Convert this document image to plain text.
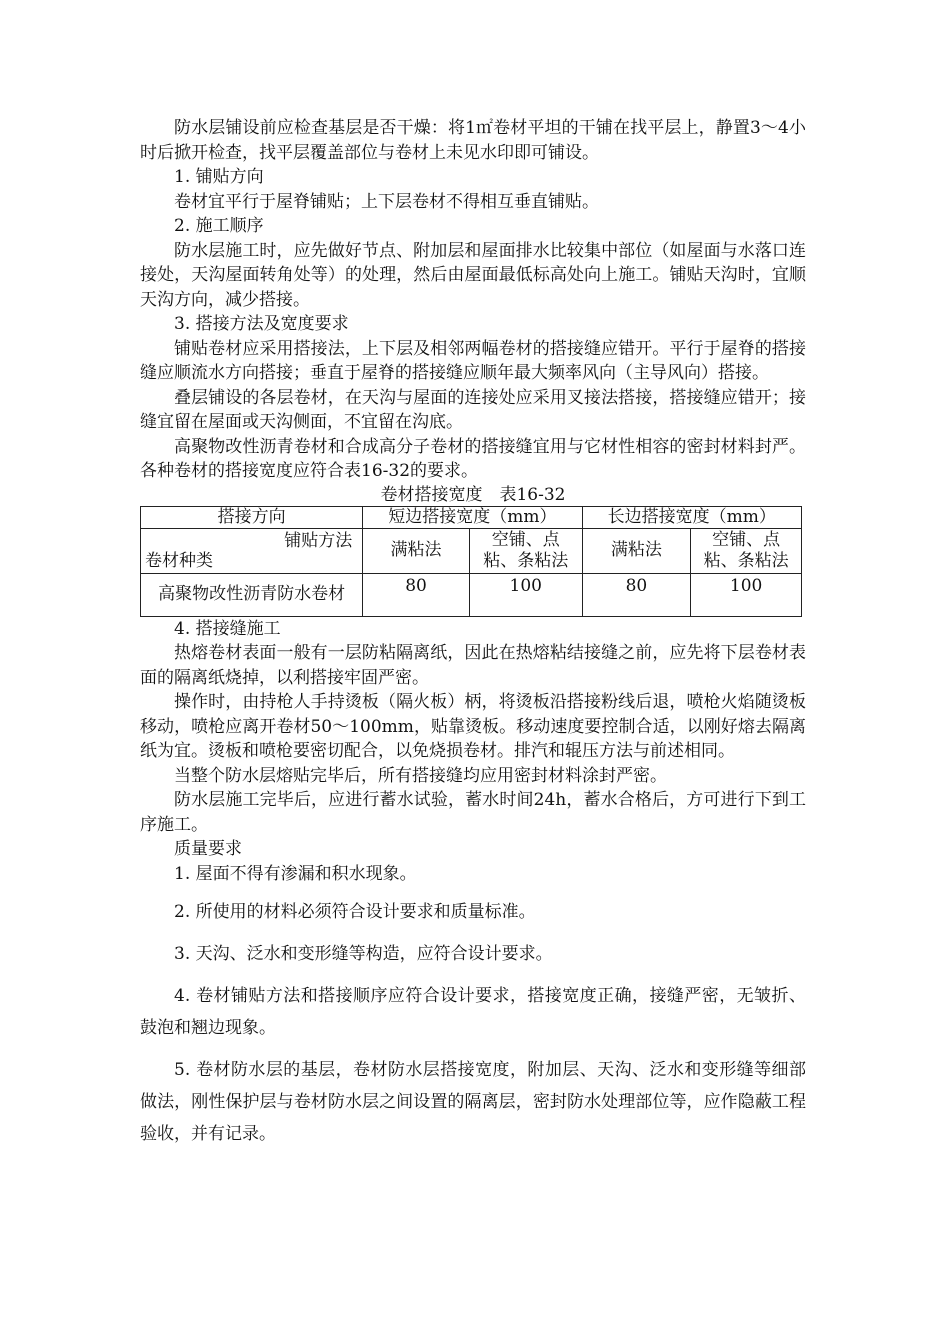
防水层铺设前应检查基层是否干燥：将1㎡卷材平坦的干铺在找平层上，静置3～4小时后掀开检查，找平层覆盖部位与卷材上未见水印即可铺设。

1. 铺贴方向

卷材宜平行于屋脊铺贴；上下层卷材不得相互垂直铺贴。

2. 施工顺序

防水层施工时，应先做好节点、附加层和屋面排水比较集中部位（如屋面与水落口连接处，天沟屋面转角处等）的处理，然后由屋面最低标高处向上施工。铺贴天沟时，宜顺天沟方向，减少搭接。

3. 搭接方法及宽度要求

铺贴卷材应采用搭接法，上下层及相邻两幅卷材的搭接缝应错开。平行于屋脊的搭接缝应顺流水方向搭接；垂直于屋脊的搭接缝应顺年最大频率风向（主导风向）搭接。

叠层铺设的各层卷材，在天沟与屋面的连接处应采用叉接法搭接，搭接缝应错开；接缝宜留在屋面或天沟侧面，不宜留在沟底。

高聚物改性沥青卷材和合成高分子卷材的搭接缝宜用与它材性相容的密封材料封严。各种卷材的搭接宽度应符合表16-32的要求。

卷材搭接宽度　表16-32

搭接方向	短边搭接宽度（mm）		长边搭接宽度（mm）	

铺贴方法
卷材种类	满粘法	空铺、点
粘、条粘法	满粘法	空铺、点
粘、条粘法
高聚物改性沥青防水卷材	80	100	80	100

4. 搭接缝施工

热熔卷材表面一般有一层防粘隔离纸，因此在热熔粘结接缝之前，应先将下层卷材表面的隔离纸烧掉，以利搭接牢固严密。

操作时，由持枪人手持烫板（隔火板）柄，将烫板沿搭接粉线后退，喷枪火焰随烫板移动，喷枪应离开卷材50～100mm，贴靠烫板。移动速度要控制合适，以刚好熔去隔离纸为宜。烫板和喷枪要密切配合，以免烧损卷材。排汽和辊压方法与前述相同。

当整个防水层熔贴完毕后，所有搭接缝均应用密封材料涂封严密。

防水层施工完毕后，应进行蓄水试验，蓄水时间24h，蓄水合格后，方可进行下到工序施工。

质量要求

1. 屋面不得有渗漏和积水现象。

2. 所使用的材料必须符合设计要求和质量标准。

3. 天沟、泛水和变形缝等构造，应符合设计要求。

4. 卷材铺贴方法和搭接顺序应符合设计要求，搭接宽度正确，接缝严密，无皱折、鼓泡和翘边现象。

5. 卷材防水层的基层，卷材防水层搭接宽度，附加层、天沟、泛水和变形缝等细部做法，刚性保护层与卷材防水层之间设置的隔离层，密封防水处理部位等，应作隐蔽工程验收，并有记录。
